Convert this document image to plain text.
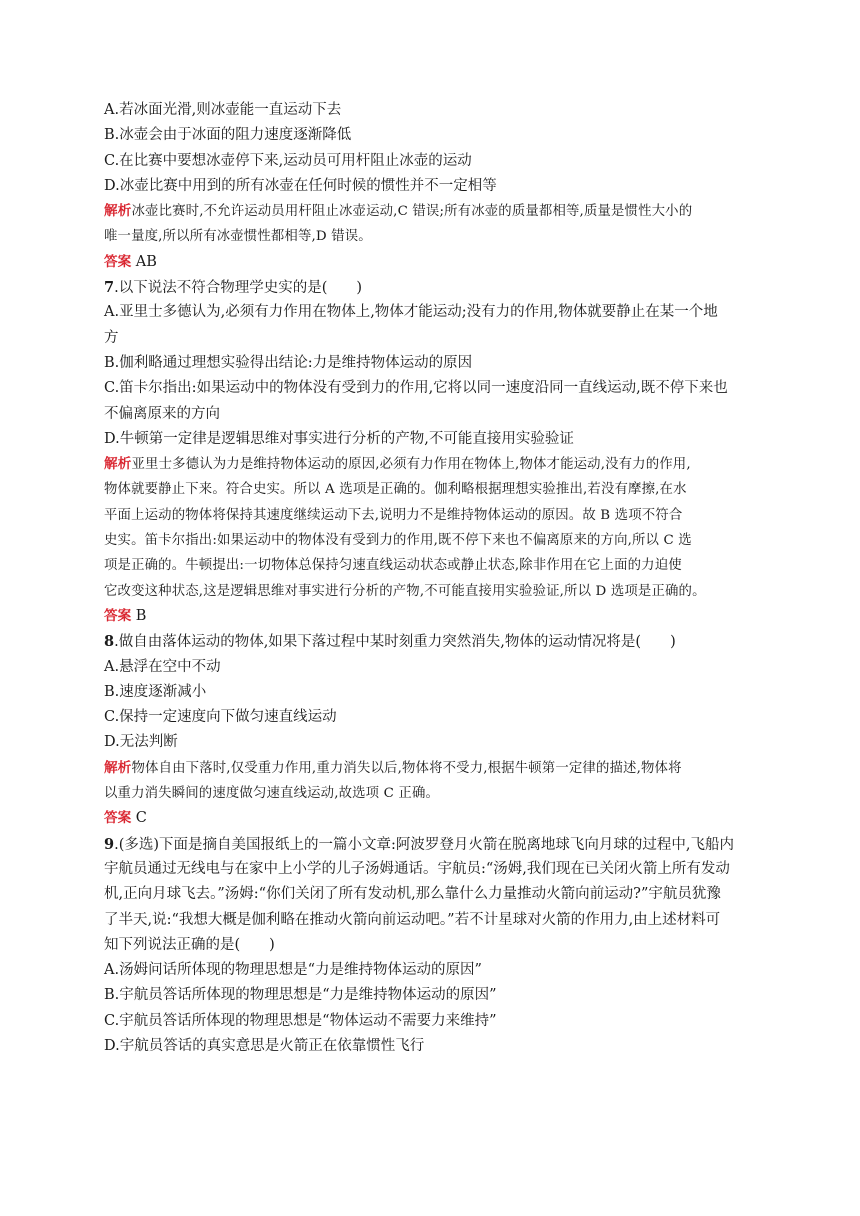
A.若冰面光滑,则冰壶能一直运动下去
B.冰壶会由于冰面的阻力速度逐渐降低
C.在比赛中要想冰壶停下来,运动员可用杆阻止冰壶的运动
D.冰壶比赛中用到的所有冰壶在任何时候的惯性并不一定相等
解析冰壶比赛时,不允许运动员用杆阻止冰壶运动,C 错误;所有冰壶的质量都相等,质量是惯性大小的
唯一量度,所以所有冰壶惯性都相等,D 错误。
答案 AB
7.以下说法不符合物理学史实的是(　　)
A.亚里士多德认为,必须有力作用在物体上,物体才能运动;没有力的作用,物体就要静止在某一个地
方
B.伽利略通过理想实验得出结论:力是维持物体运动的原因
C.笛卡尔指出:如果运动中的物体没有受到力的作用,它将以同一速度沿同一直线运动,既不停下来也
不偏离原来的方向
D.牛顿第一定律是逻辑思维对事实进行分析的产物,不可能直接用实验验证
解析亚里士多德认为力是维持物体运动的原因,必须有力作用在物体上,物体才能运动,没有力的作用,
物体就要静止下来。符合史实。所以 A 选项是正确的。伽利略根据理想实验推出,若没有摩擦,在水
平面上运动的物体将保持其速度继续运动下去,说明力不是维持物体运动的原因。故 B 选项不符合
史实。笛卡尔指出:如果运动中的物体没有受到力的作用,既不停下来也不偏离原来的方向,所以 C 选
项是正确的。牛顿提出:一切物体总保持匀速直线运动状态或静止状态,除非作用在它上面的力迫使
它改变这种状态,这是逻辑思维对事实进行分析的产物,不可能直接用实验验证,所以 D 选项是正确的。
答案 B
8.做自由落体运动的物体,如果下落过程中某时刻重力突然消失,物体的运动情况将是(　　)
A.悬浮在空中不动
B.速度逐渐减小
C.保持一定速度向下做匀速直线运动
D.无法判断
解析物体自由下落时,仅受重力作用,重力消失以后,物体将不受力,根据牛顿第一定律的描述,物体将
以重力消失瞬间的速度做匀速直线运动,故选项 C 正确。
答案 C
9.(多选)下面是摘自美国报纸上的一篇小文章:阿波罗登月火箭在脱离地球飞向月球的过程中,飞船内
宇航员通过无线电与在家中上小学的儿子汤姆通话。宇航员:“汤姆,我们现在已关闭火箭上所有发动
机,正向月球飞去。”汤姆:“你们关闭了所有发动机,那么靠什么力量推动火箭向前运动?”宇航员犹豫
了半天,说:“我想大概是伽利略在推动火箭向前运动吧。”若不计星球对火箭的作用力,由上述材料可
知下列说法正确的是(　　)
A.汤姆问话所体现的物理思想是“力是维持物体运动的原因”
B.宇航员答话所体现的物理思想是“力是维持物体运动的原因”
C.宇航员答话所体现的物理思想是“物体运动不需要力来维持”
D.宇航员答话的真实意思是火箭正在依靠惯性飞行
